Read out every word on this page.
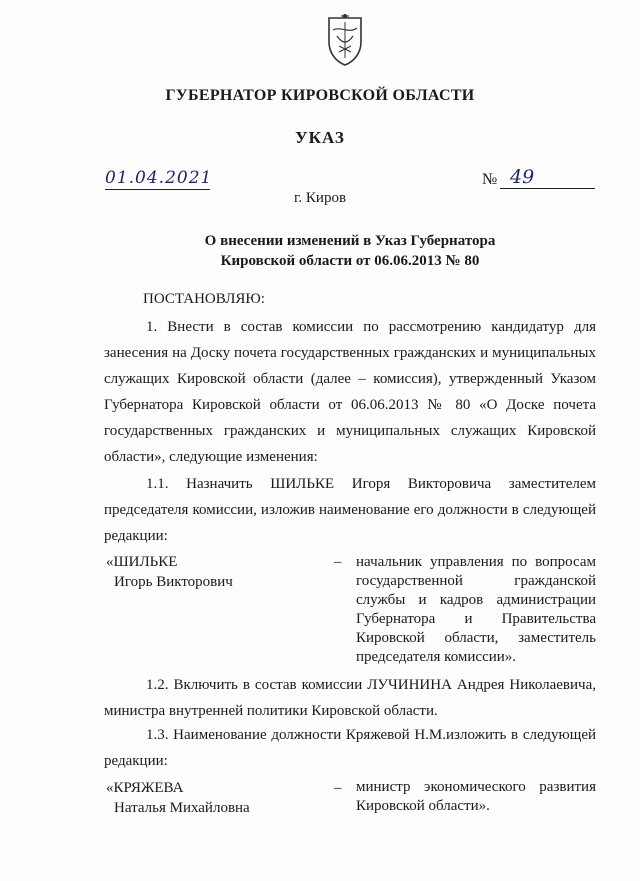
ГУБЕРНАТОР КИРОВСКОЙ ОБЛАСТИ
УКАЗ
01.04.2021	№ 49
г. Киров
О внесении изменений в Указ Губернатора
Кировской области от 06.06.2013 № 80
ПОСТАНОВЛЯЮ:
1. Внести в состав комиссии по рассмотрению кандидатур для занесения на Доску почета государственных гражданских и муниципальных служащих Кировской области (далее – комиссия), утвержденный Указом Губернатора Кировской области от 06.06.2013 № 80 «О Доске почета государственных гражданских и муниципальных служащих Кировской области», следующие изменения:
1.1. Назначить ШИЛЬКЕ Игоря Викторовича заместителем председателя комиссии, изложив наименование его должности в следующей редакции:
«ШИЛЬКЕ
Игорь Викторович
– начальник управления по вопросам государственной гражданской службы и кадров администрации Губернатора и Правительства Кировской области, заместитель председателя комиссии».
1.2. Включить в состав комиссии ЛУЧИНИНА Андрея Николаевича, министра внутренней политики Кировской области.
1.3. Наименование должности Кряжевой Н.М.изложить в следующей редакции:
«КРЯЖЕВА
Наталья Михайловна
– министр экономического развития Кировской области».
